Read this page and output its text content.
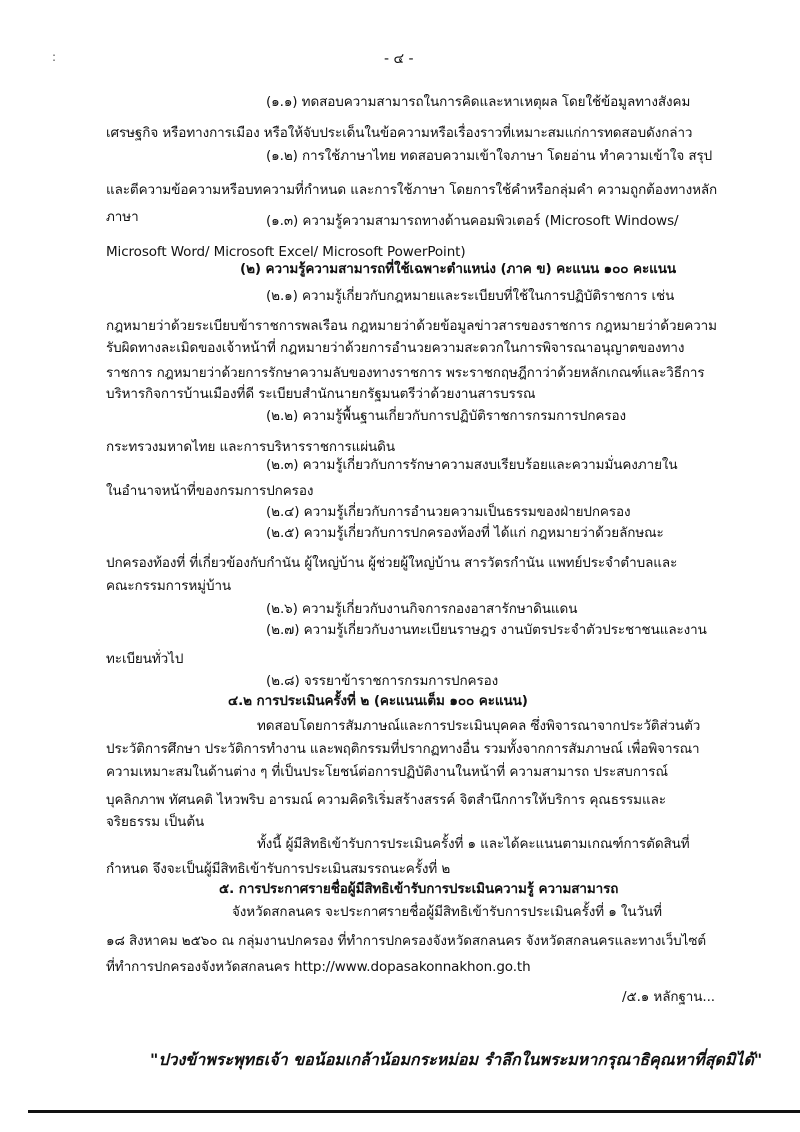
:	- ๔ -
(๑.๑) ทดสอบความสามารถในการคิดและหาเหตุผล โดยใช้ข้อมูลทางสังคม
เศรษฐกิจ หรือทางการเมือง หรือให้จับประเด็นในข้อความหรือเรื่องราวที่เหมาะสมแก่การทดสอบดังกล่าว
(๑.๒) การใช้ภาษาไทย ทดสอบความเข้าใจภาษา โดยอ่าน ทำความเข้าใจ สรุป
และตีความข้อความหรือบทความที่กำหนด และการใช้ภาษา โดยการใช้คำหรือกลุ่มคำ ความถูกต้องทางหลัก
ภาษา	(๑.๓) ความรู้ความสามารถทางด้านคอมพิวเตอร์ (Microsoft Windows/
Microsoft Word/ Microsoft Excel/ Microsoft PowerPoint)
(๒) ความรู้ความสามารถที่ใช้เฉพาะตำแหน่ง (ภาค ข) คะแนน ๑๐๐ คะแนน
(๒.๑) ความรู้เกี่ยวกับกฎหมายและระเบียบที่ใช้ในการปฏิบัติราชการ เช่น
กฎหมายว่าด้วยระเบียบข้าราชการพลเรือน กฎหมายว่าด้วยข้อมูลข่าวสารของราชการ กฎหมายว่าด้วยความ
รับผิดทางละเมิดของเจ้าหน้าที่ กฎหมายว่าด้วยการอำนวยความสะดวกในการพิจารณาอนุญาตของทาง
ราชการ กฎหมายว่าด้วยการรักษาความลับของทางราชการ พระราชกฤษฎีกาว่าด้วยหลักเกณฑ์และวิธีการ
บริหารกิจการบ้านเมืองที่ดี ระเบียบสำนักนายกรัฐมนตรีว่าด้วยงานสารบรรณ
(๒.๒) ความรู้พื้นฐานเกี่ยวกับการปฏิบัติราชการกรมการปกครอง
กระทรวงมหาดไทย และการบริหารราชการแผ่นดิน
(๒.๓) ความรู้เกี่ยวกับการรักษาความสงบเรียบร้อยและความมั่นคงภายใน
ในอำนาจหน้าที่ของกรมการปกครอง
(๒.๔) ความรู้เกี่ยวกับการอำนวยความเป็นธรรมของฝ่ายปกครอง
(๒.๕) ความรู้เกี่ยวกับการปกครองท้องที่ ได้แก่ กฎหมายว่าด้วยลักษณะ
ปกครองท้องที่ ที่เกี่ยวข้องกับกำนัน ผู้ใหญ่บ้าน ผู้ช่วยผู้ใหญ่บ้าน สารวัตรกำนัน แพทย์ประจำตำบลและ
คณะกรรมการหมู่บ้าน
(๒.๖) ความรู้เกี่ยวกับงานกิจการกองอาสารักษาดินแดน
(๒.๗) ความรู้เกี่ยวกับงานทะเบียนราษฎร งานบัตรประจำตัวประชาชนและงาน
ทะเบียนทั่วไป
(๒.๘) จรรยาข้าราชการกรมการปกครอง
๔.๒ การประเมินครั้งที่ ๒ (คะแนนเต็ม ๑๐๐ คะแนน)
ทดสอบโดยการสัมภาษณ์และการประเมินบุคคล ซึ่งพิจารณาจากประวัติส่วนตัว
ประวัติการศึกษา ประวัติการทำงาน และพฤติกรรมที่ปรากฏทางอื่น รวมทั้งจากการสัมภาษณ์ เพื่อพิจารณา
ความเหมาะสมในด้านต่าง ๆ ที่เป็นประโยชน์ต่อการปฏิบัติงานในหน้าที่ ความสามารถ ประสบการณ์
บุคลิกภาพ ทัศนคติ ไหวพริบ อารมณ์ ความคิดริเริ่มสร้างสรรค์ จิตสำนึกการให้บริการ คุณธรรมและ
จริยธรรม เป็นต้น
ทั้งนี้ ผู้มีสิทธิเข้ารับการประเมินครั้งที่ ๑ และได้คะแนนตามเกณฑ์การตัดสินที่
กำหนด จึงจะเป็นผู้มีสิทธิเข้ารับการประเมินสมรรถนะครั้งที่ ๒
๕. การประกาศรายชื่อผู้มีสิทธิเข้ารับการประเมินความรู้ ความสามารถ
จังหวัดสกลนคร จะประกาศรายชื่อผู้มีสิทธิเข้ารับการประเมินครั้งที่ ๑ ในวันที่
๑๘ สิงหาคม ๒๕๖๐ ณ กลุ่มงานปกครอง ที่ทำการปกครองจังหวัดสกลนคร จังหวัดสกลนครและทางเว็บไซต์
ที่ทำการปกครองจังหวัดสกลนคร http://www.dopasakonnakhon.go.th
/๕.๑ หลักฐาน...
"ปวงข้าพระพุทธเจ้า ขอน้อมเกล้าน้อมกระหม่อม รำลึกในพระมหากรุณาธิคุณหาที่สุดมิได้"
